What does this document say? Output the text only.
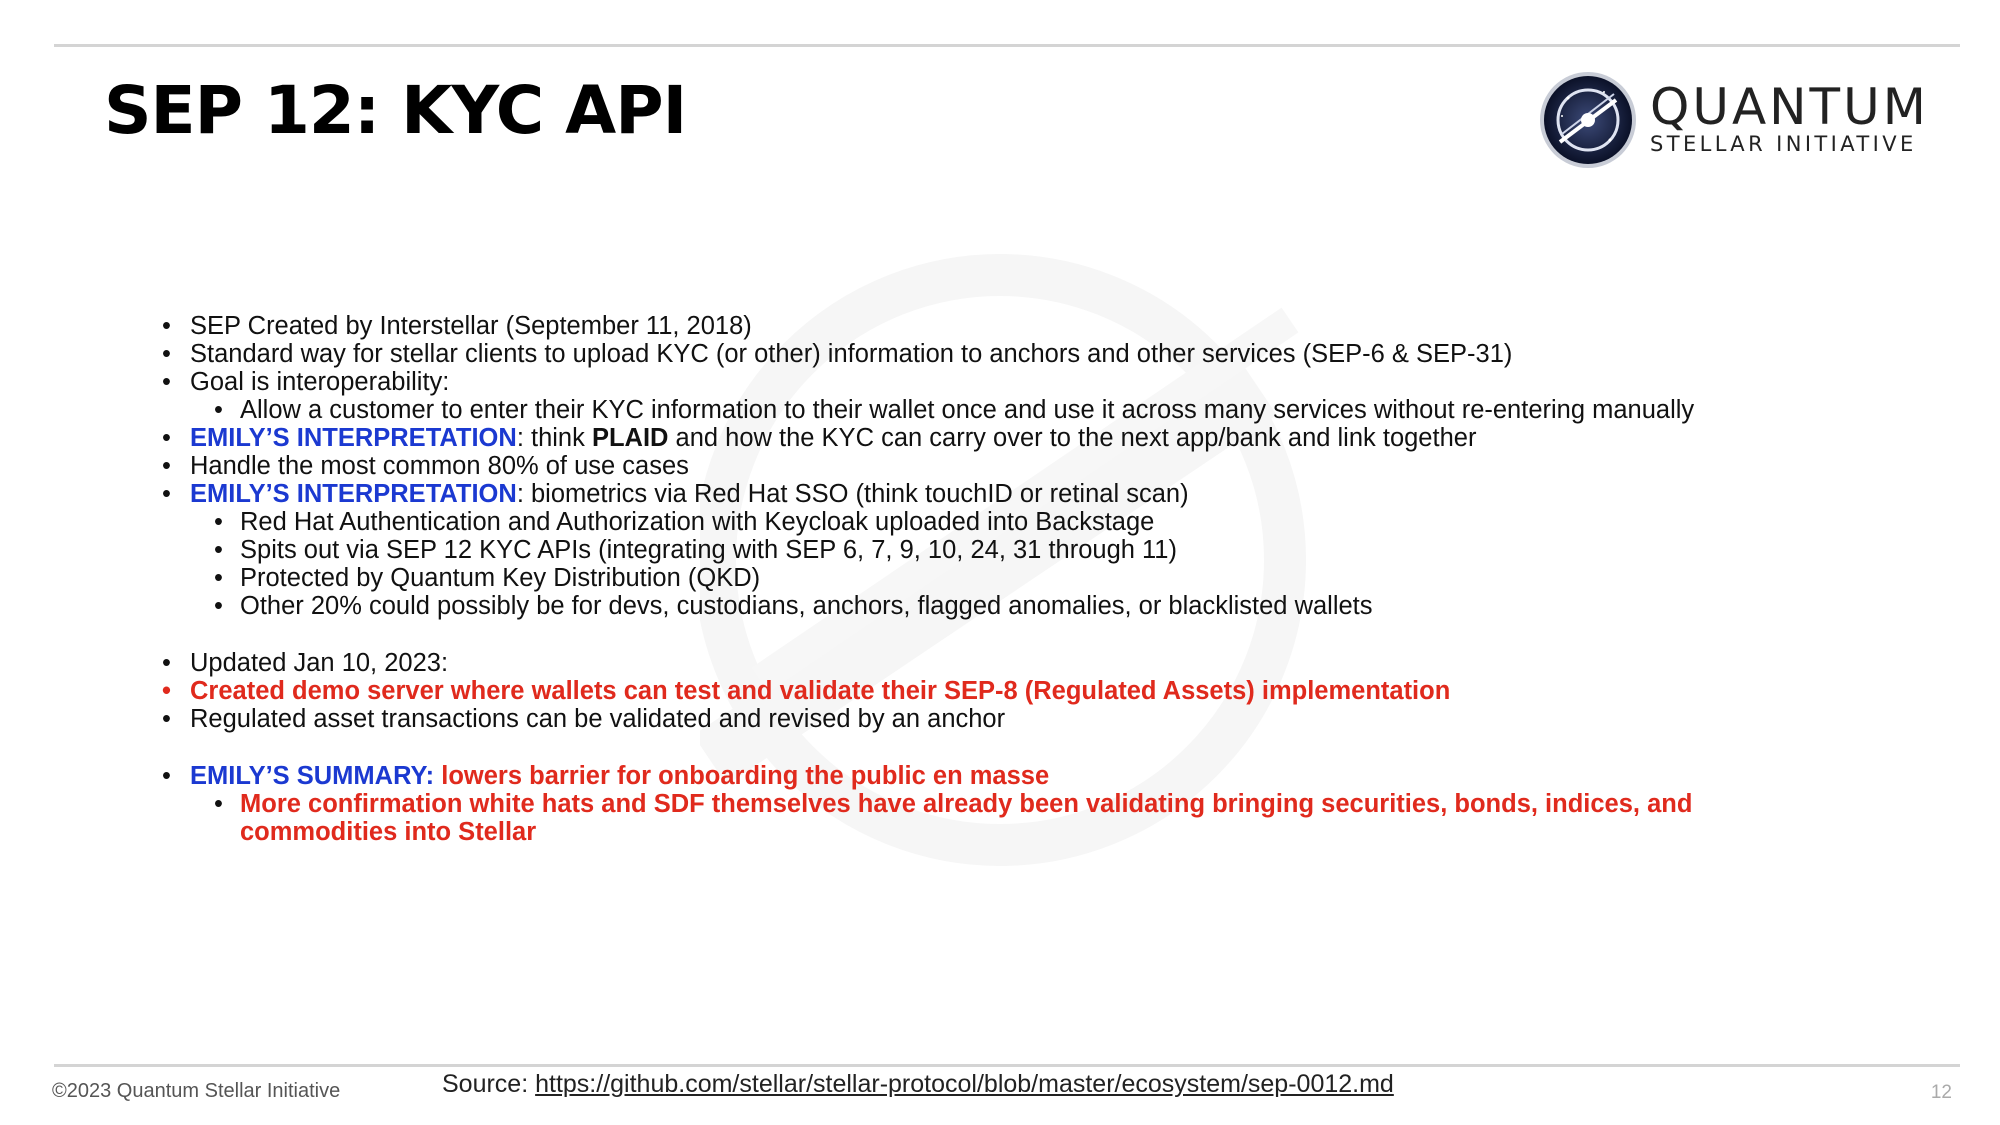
SEP 12: KYC API	QUANTUM

STELLAR INITIATIVE

• SEP Created by Interstellar (September 11, 2018)
• Standard way for stellar clients to upload KYC (or other) information to anchors and other services (SEP-6 & SEP-31)
• Goal is interoperability:
• Allow a customer to enter their KYC information to their wallet once and use it across many services without re-entering manually
• EMILY’S INTERPRETATION: think PLAID and how the KYC can carry over to the next app/bank and link together
• Handle the most common 80% of use cases
• EMILY’S INTERPRETATION: biometrics via Red Hat SSO (think touchID or retinal scan)
• Red Hat Authentication and Authorization with Keycloak uploaded into Backstage
• Spits out via SEP 12 KYC APIs (integrating with SEP 6, 7, 9, 10, 24, 31 through 11)
• Protected by Quantum Key Distribution (QKD)
• Other 20% could possibly be for devs, custodians, anchors, flagged anomalies, or blacklisted wallets
• Updated Jan 10, 2023:
• Created demo server where wallets can test and validate their SEP-8 (Regulated Assets) implementation
• Regulated asset transactions can be validated and revised by an anchor
• EMILY’S SUMMARY: lowers barrier for onboarding the public en masse
• More confirmation white hats and SDF themselves have already been validating bringing securities, bonds, indices, and
commodities into Stellar
©2023 Quantum Stellar Initiative	Source: https://github.com/stellar/stellar-protocol/blob/master/ecosystem/sep-0012.md	12
